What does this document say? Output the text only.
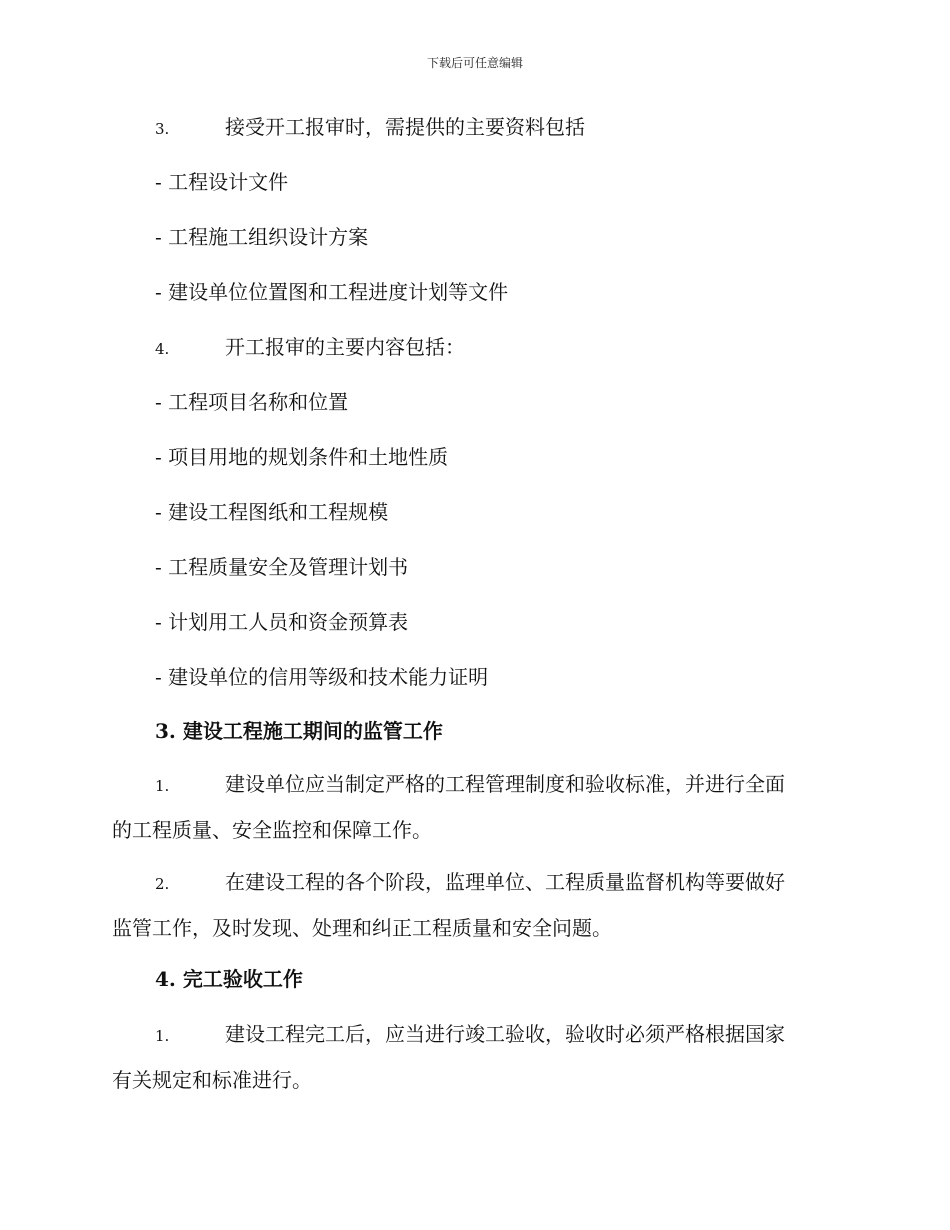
下载后可任意编辑
3.	接受开工报审时，需提供的主要资料包括
- 工程设计文件
- 工程施工组织设计方案
- 建设单位位置图和工程进度计划等文件
4.	开工报审的主要内容包括：
- 工程项目名称和位置
- 项目用地的规划条件和土地性质
- 建设工程图纸和工程规模
- 工程质量安全及管理计划书
- 计划用工人员和资金预算表
- 建设单位的信用等级和技术能力证明
3. 建设工程施工期间的监管工作
1.	建设单位应当制定严格的工程管理制度和验收标准，并进行全面
的工程质量、安全监控和保障工作。
2.	在建设工程的各个阶段，监理单位、工程质量监督机构等要做好
监管工作，及时发现、处理和纠正工程质量和安全问题。
4. 完工验收工作
1.	建设工程完工后，应当进行竣工验收，验收时必须严格根据国家
有关规定和标准进行。
